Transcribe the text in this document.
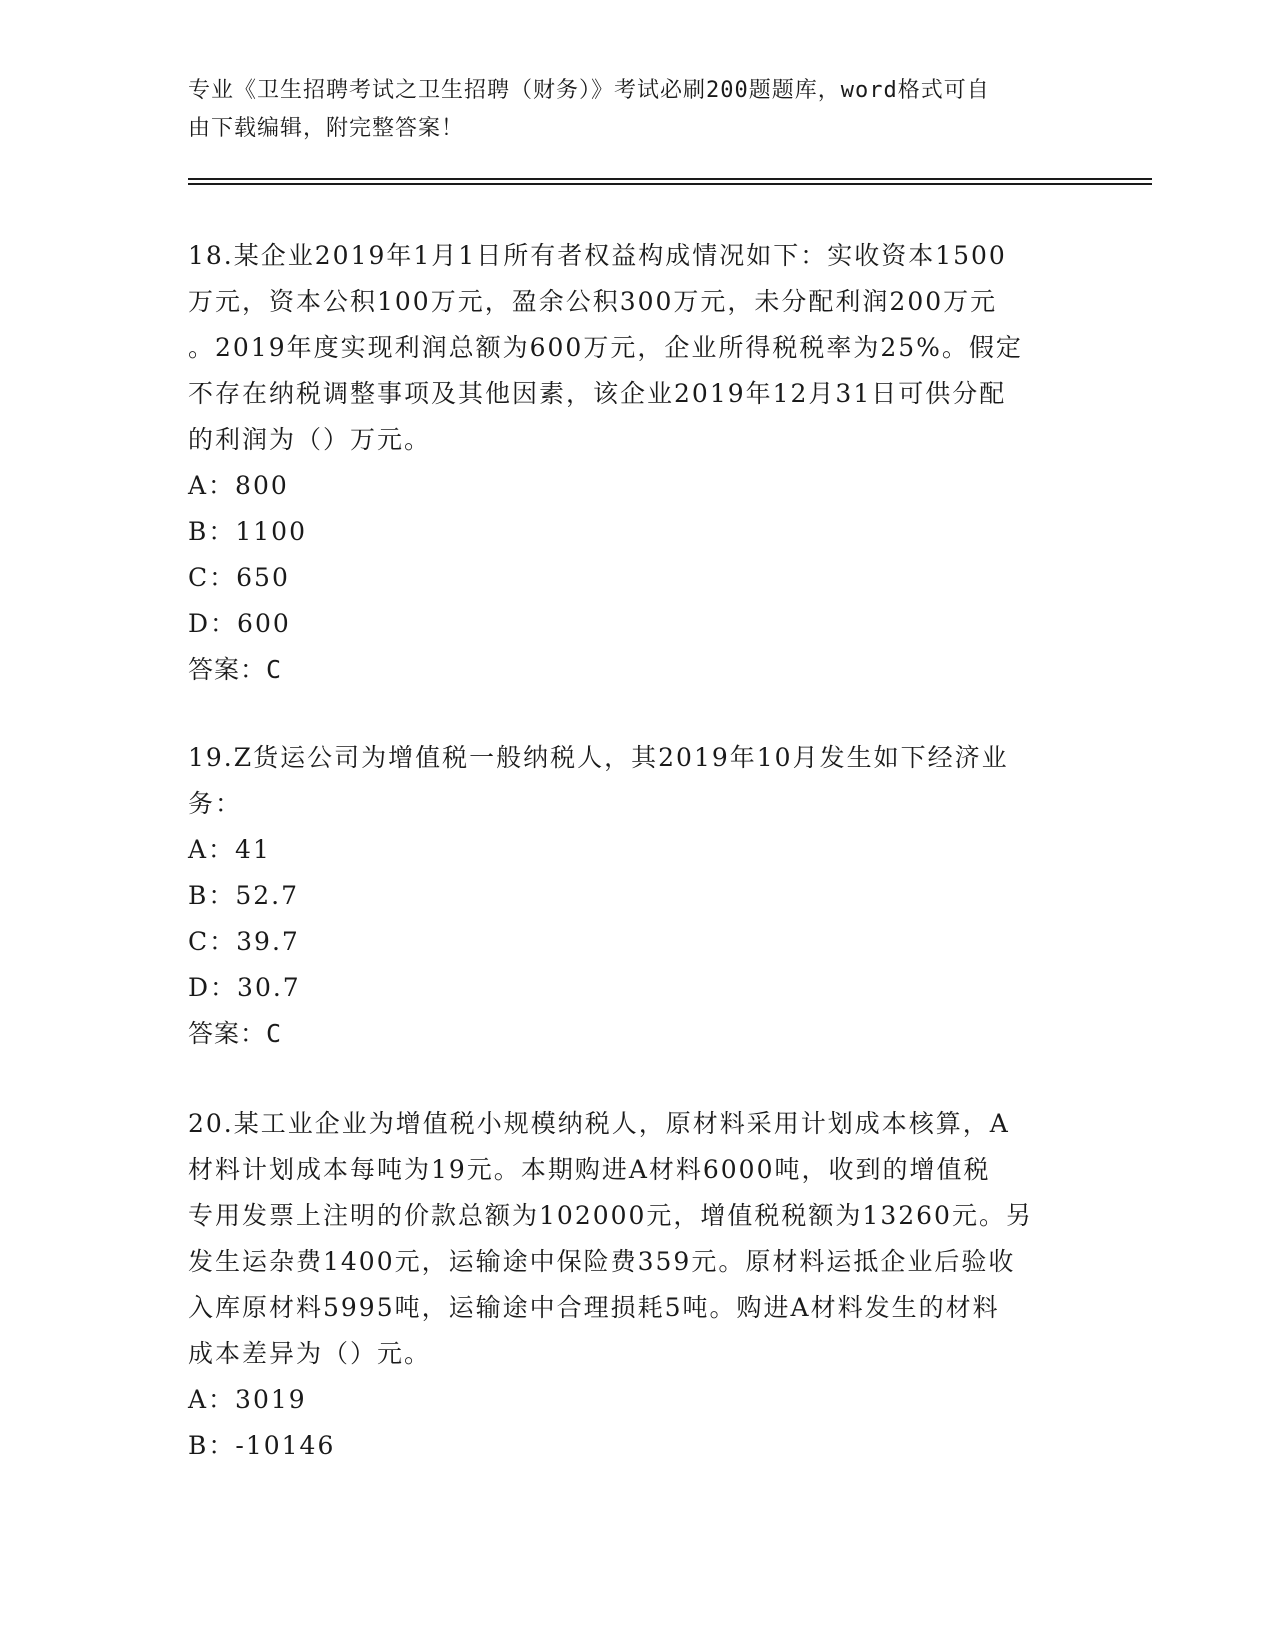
专业《卫生招聘考试之卫生招聘（财务）》考试必刷200题题库，word格式可自
由下载编辑，附完整答案！

18.某企业2019年1月1日所有者权益构成情况如下：实收资本1500

万元，资本公积100万元，盈余公积300万元，未分配利润200万元

。2019年度实现利润总额为600万元，企业所得税税率为25%。假定

不存在纳税调整事项及其他因素，该企业2019年12月31日可供分配

的利润为（）万元。

A：800

B：1100

C：650

D：600

答案：C

19.Z货运公司为增值税一般纳税人，其2019年10月发生如下经济业

务：

A：41

B：52.7

C：39.7

D：30.7

答案：C

20.某工业企业为增值税小规模纳税人，原材料采用计划成本核算，A

材料计划成本每吨为19元。本期购进A材料6000吨，收到的增值税

专用发票上注明的价款总额为102000元，增值税税额为13260元。另

发生运杂费1400元，运输途中保险费359元。原材料运抵企业后验收

入库原材料5995吨，运输途中合理损耗5吨。购进A材料发生的材料

成本差异为（）元。

A：3019

B：-10146
